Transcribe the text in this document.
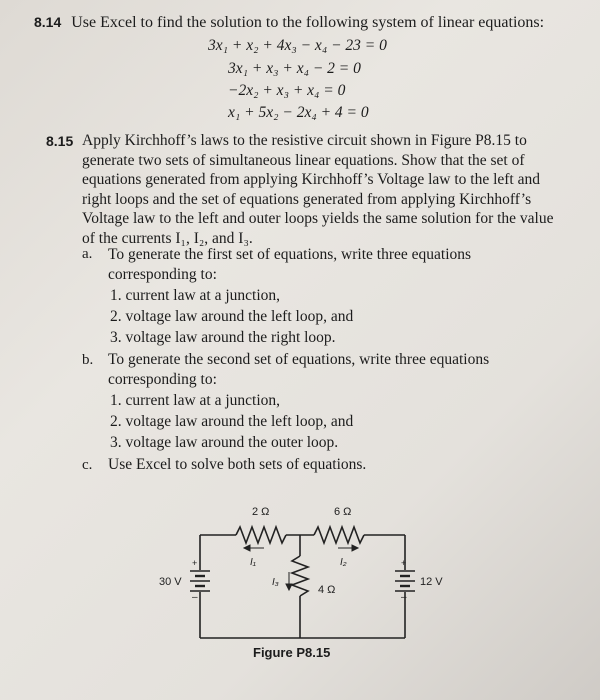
8.14 Use Excel to find the solution to the following system of linear equations:
3x₁ + x₂ + 4x₃ − x₄ − 23 = 0
3x₁ + x₃ + x₄ − 2 = 0
−2x₂ + x₃ + x₄ = 0
x₁ + 5x₂ − 2x₄ + 4 = 0
8.15 Apply Kirchhoff’s laws to the resistive circuit shown in Figure P8.15 to
generate two sets of simultaneous linear equations. Show that the set of
equations generated from applying Kirchhoff’s Voltage law to the left and
right loops and the set of equations generated from applying Kirchhoff’s
Voltage law to the left and outer loops yields the same solution for the value
of the currents I₁, I₂, and I₃.
a. To generate the first set of equations, write three equations
corresponding to:
1. current law at a junction,
2. voltage law around the left loop, and
3. voltage law around the right loop.
b. To generate the second set of equations, write three equations
corresponding to:
1. current law at a junction,
2. voltage law around the left loop, and
3. voltage law around the outer loop.
c. Use Excel to solve both sets of equations.
2 Ω	6 Ω
4 Ω
30 V	12 V
+
–
+
–
I₁	I₂
I₃
Figure P8.15
